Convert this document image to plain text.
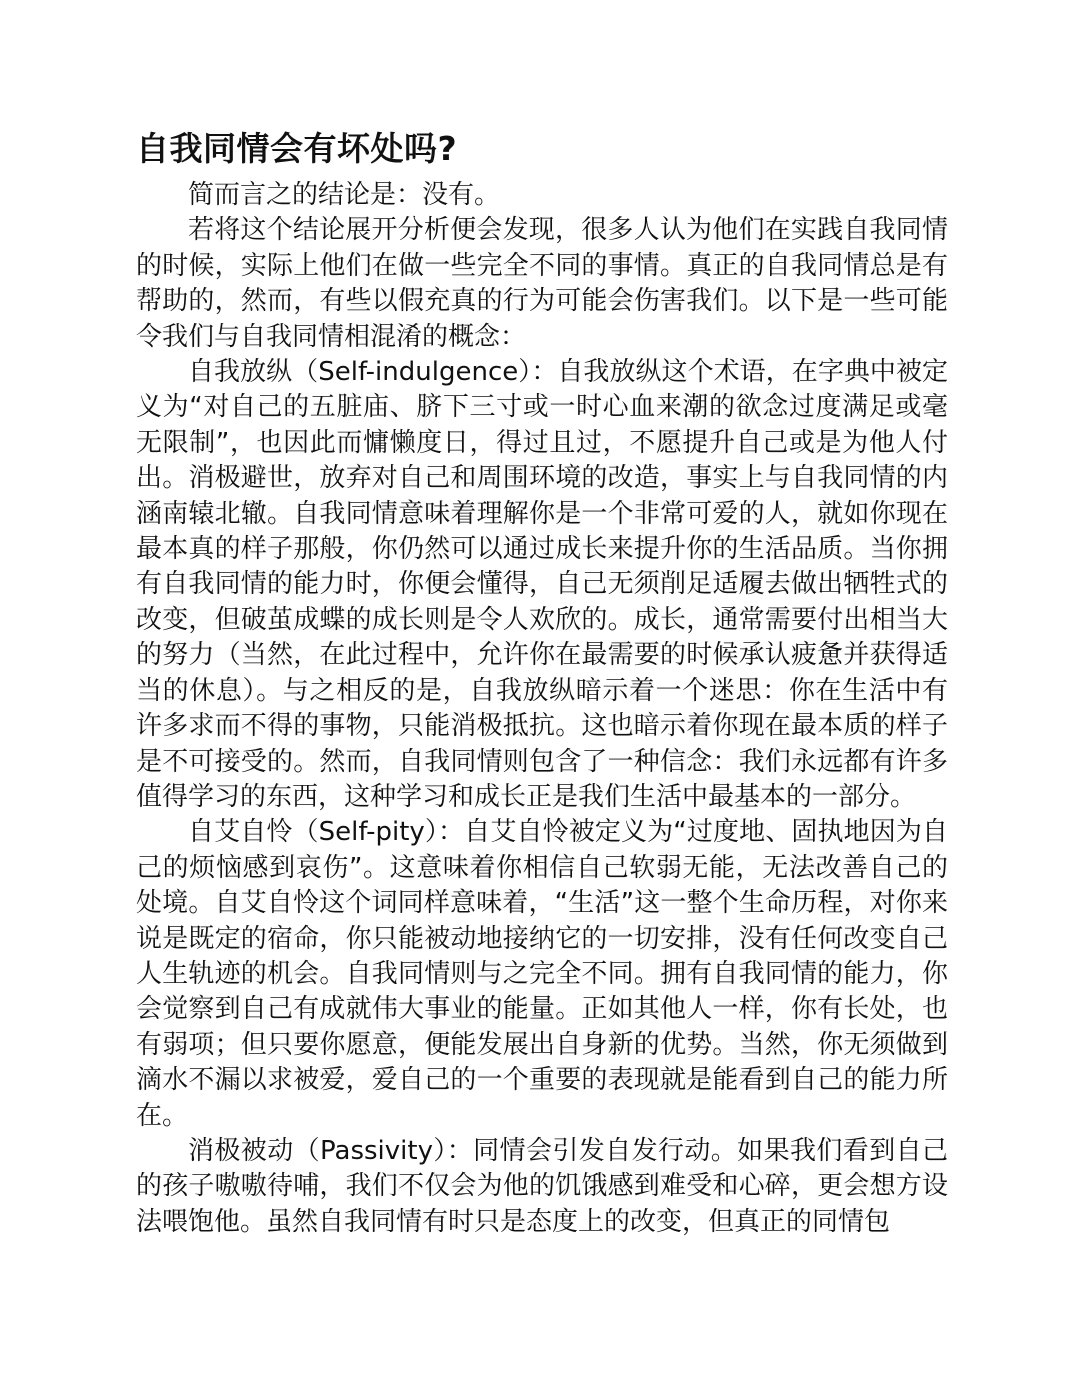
自我同情会有坏处吗?

简而言之的结论是：没有。

若将这个结论展开分析便会发现，很多人认为他们在实践自我同情的时候，实际上他们在做一些完全不同的事情。真正的自我同情总是有帮助的，然而，有些以假充真的行为可能会伤害我们。以下是一些可能令我们与自我同情相混淆的概念：

自我放纵（Self-indulgence）：自我放纵这个术语，在字典中被定义为“对自己的五脏庙、脐下三寸或一时心血来潮的欲念过度满足或毫无限制”，也因此而慵懒度日，得过且过，不愿提升自己或是为他人付出。消极避世，放弃对自己和周围环境的改造，事实上与自我同情的内涵南辕北辙。自我同情意味着理解你是一个非常可爱的人，就如你现在最本真的样子那般，你仍然可以通过成长来提升你的生活品质。当你拥有自我同情的能力时，你便会懂得，自己无须削足适履去做出牺牲式的改变，但破茧成蝶的成长则是令人欢欣的。成长，通常需要付出相当大的努力（当然，在此过程中，允许你在最需要的时候承认疲惫并获得适当的休息）。与之相反的是，自我放纵暗示着一个迷思：你在生活中有许多求而不得的事物，只能消极抵抗。这也暗示着你现在最本质的样子是不可接受的。然而，自我同情则包含了一种信念：我们永远都有许多值得学习的东西，这种学习和成长正是我们生活中最基本的一部分。

自艾自怜（Self-pity）：自艾自怜被定义为“过度地、固执地因为自己的烦恼感到哀伤”。这意味着你相信自己软弱无能，无法改善自己的处境。自艾自怜这个词同样意味着，“生活”这一整个生命历程，对你来说是既定的宿命，你只能被动地接纳它的一切安排，没有任何改变自己人生轨迹的机会。自我同情则与之完全不同。拥有自我同情的能力，你会觉察到自己有成就伟大事业的能量。正如其他人一样，你有长处，也有弱项；但只要你愿意，便能发展出自身新的优势。当然，你无须做到滴水不漏以求被爱，爱自己的一个重要的表现就是能看到自己的能力所在。

消极被动（Passivity）：同情会引发自发行动。如果我们看到自己的孩子嗷嗷待哺，我们不仅会为他的饥饿感到难受和心碎，更会想方设法喂饱他。虽然自我同情有时只是态度上的改变，但真正的同情包
